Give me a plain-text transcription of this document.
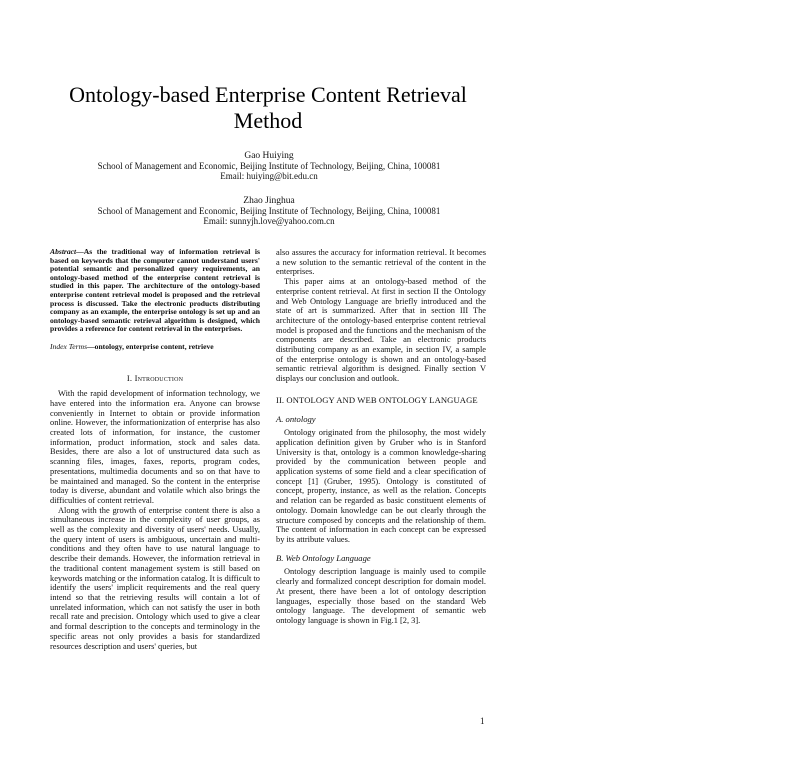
Ontology-based Enterprise Content Retrieval Method
Gao Huiying
School of Management and Economic, Beijing Institute of Technology, Beijing, China, 100081
Email: huiying@bit.edu.cn
Zhao Jinghua
School of Management and Economic, Beijing Institute of Technology, Beijing, China, 100081
Email: sunnyjh.love@yahoo.com.cn

Abstract—As the traditional way of information retrieval is based on keywords that the computer cannot understand users' potential semantic and personalized query requirements, an ontology-based method of the enterprise content retrieval is studied in this paper. The architecture of the ontology-based enterprise content retrieval model is proposed and the retrieval process is discussed. Take the electronic products distributing company as an example, the enterprise ontology is set up and an ontology-based semantic retrieval algorithm is designed, which provides a reference for content retrieval in the enterprises.

Index Terms—ontology, enterprise content, retrieve

I. Introduction

With the rapid development of information technology, we have entered into the information era. Anyone can browse conveniently in Internet to obtain or provide information online. However, the informationization of enterprise has also created lots of information, for instance, the customer information, product information, stock and sales data. Besides, there are also a lot of unstructured data such as scanning files, images, faxes, reports, program codes, presentations, multimedia documents and so on that have to be maintained and managed. So the content in the enterprise today is diverse, abundant and volatile which also brings the difficulties of content retrieval.

Along with the growth of enterprise content there is also a simultaneous increase in the complexity of user groups, as well as the complexity and diversity of users' needs. Usually, the query intent of users is ambiguous, uncertain and multi-conditions and they often have to use natural language to describe their demands. However, the information retrieval in the traditional content management system is still based on keywords matching or the information catalog. It is difficult to identify the users' implicit requirements and the real query intend so that the retrieving results will contain a lot of unrelated information, which can not satisfy the user in both recall rate and precision. Ontology which used to give a clear and formal description to the concepts and terminology in the specific areas not only provides a basis for standardized resources description and users' queries, but

also assures the accuracy for information retrieval. It becomes a new solution to the semantic retrieval of the content in the enterprises.

This paper aims at an ontology-based method of the enterprise content retrieval. At first in section II the Ontology and Web Ontology Language are briefly introduced and the state of art is summarized. After that in section III The architecture of the ontology-based enterprise content retrieval model is proposed and the functions and the mechanism of the components are described. Take an electronic products distributing company as an example, in section IV, a sample of the enterprise ontology is shown and an ontology-based semantic retrieval algorithm is designed. Finally section V displays our conclusion and outlook.

II. ONTOLOGY AND WEB ONTOLOGY LANGUAGE
A. ontology

Ontology originated from the philosophy, the most widely application definition given by Gruber who is in Stanford University is that, ontology is a common knowledge-sharing provided by the communication between people and application systems of some field and a clear specification of concept [1] (Gruber, 1995). Ontology is constituted of concept, property, instance, as well as the relation. Concepts and relation can be regarded as basic constituent elements of ontology. Domain knowledge can be out clearly through the structure composed by concepts and the relationship of them. The content of information in each concept can be expressed by its attribute values.

B. Web Ontology Language

Ontology description language is mainly used to compile clearly and formalized concept description for domain model. At present, there have been a lot of ontology description languages, especially those based on the standard Web ontology language. The development of semantic web ontology language is shown in Fig.1 [2, 3].

1
